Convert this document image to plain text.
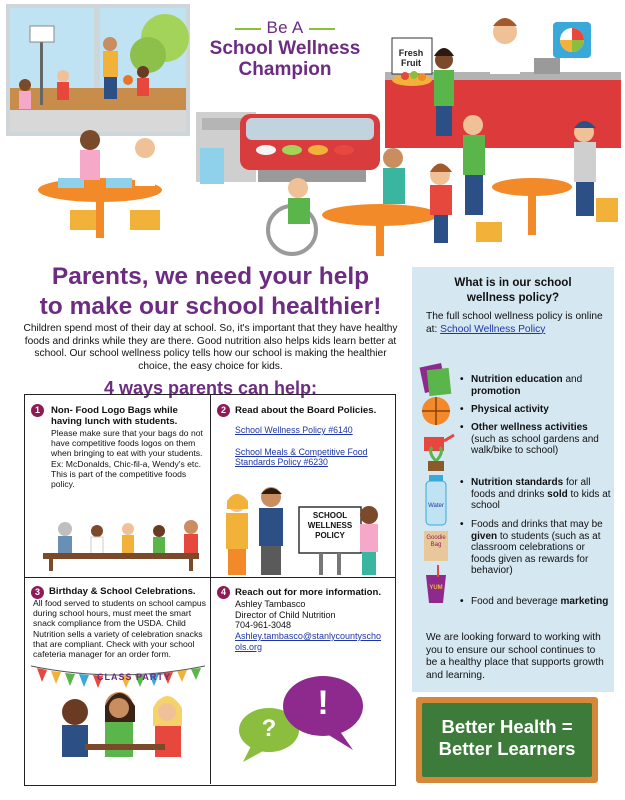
Be A
School Wellness
Champion
Fresh Fruit
Parents, we need your help
to make our school healthier!
Children spend most of their day at school. So, it's important that they have healthy foods and drinks while they are there. Good nutrition also helps kids learn better at school. Our school wellness policy tells how our school is making the healthier choice, the easy choice for kids.
4 ways parents can help:
1	Non- Food Logo Bags while having lunch with students.
Please make sure that your bags do not have competitive foods logos on them when bringing to eat with your students. Ex: McDonalds, Chic-fil-a, Wendy's etc. This is part of the competitive foods policy.
2 Read about the Board Policies.
School Wellness Policy #6140
School Meals & Competitive Food Standards Policy #6230
SCHOOL
WELLNESS
POLICY
3 Birthday & School Celebrations.
All food served to students on school campus during school hours, must meet the smart snack compliance from the USDA. Child Nutrition sells a variety of celebration snacks that are compliant. Check with your school cafeteria manager for an order form.
CLASS PARTY
4 Reach out for more information.
Ashley Tambasco
Director of Child Nutrition
704-961-3048
Ashley.tambasco@stanlycountyscho
ols.org
?
!
What is in our school
wellness policy?
The full school wellness policy is online at: School Wellness Policy
Water
Goodie Bag
YUM
• Nutrition education and promotion
• Physical activity
• Other wellness activities (such as school gardens and walk/bike to school)
• Nutrition standards for all foods and drinks sold to kids at school
• Foods and drinks that may be given to students (such as at classroom celebrations or foods given as rewards for behavior)
• Food and beverage marketing
We are looking forward to working with you to ensure our school continues to be a healthy place that supports growth and learning.
Better Health =
Better Learners
